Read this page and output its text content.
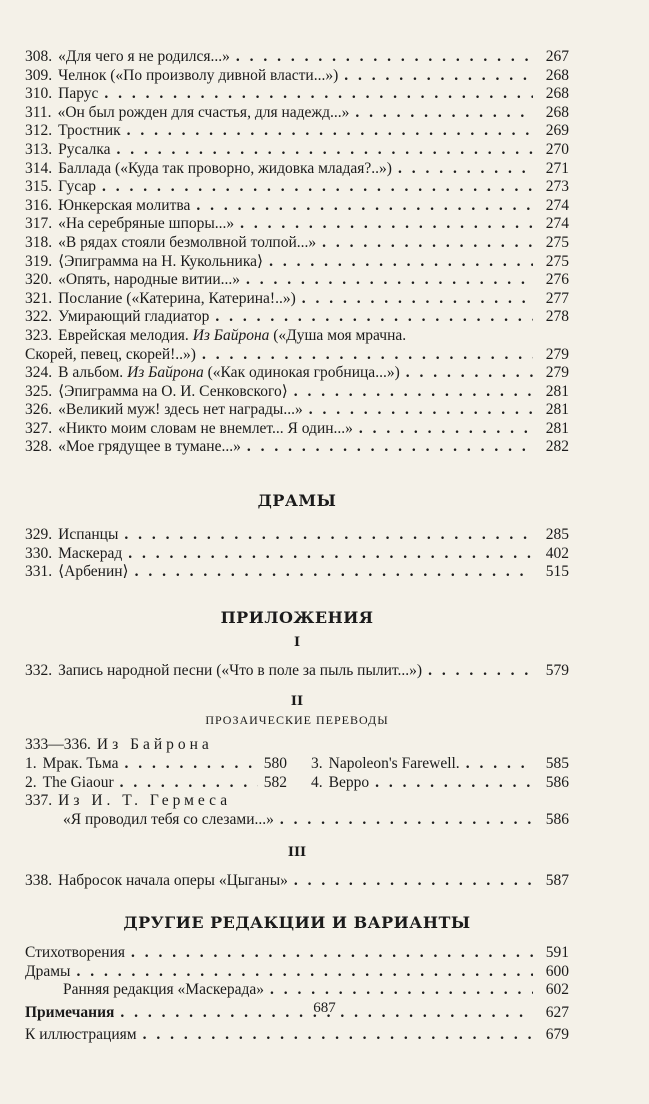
308. «Для чего я не родился...» . . .	267
309. Челнок («По произволу дивной власти...») . . .	268
310. Парус . . .	268
311. «Он был рожден для счастья, для надежд...» . . .	268
312. Тростник . . .	269
313. Русалка . . .	270
314. Баллада («Куда так проворно, жидовка младая?..») . . .	271
315. Гусар . . .	273
316. Юнкерская молитва . . .	274
317. «На серебряные шпоры...» . . .	274
318. «В рядах стояли безмолвной толпой...» . . .	275
319. ⟨Эпиграмма на Н. Кукольника⟩ . . .	275
320. «Опять, народные витии...» . . .	276
321. Послание («Катерина, Катерина!..») . . .	277
322. Умирающий гладиатор . . .	278
323. Еврейская мелодия. Из Байрона («Душа моя мрачна.
Скорей, певец, скорей!..») . . .	279
324. В альбом. Из Байрона («Как одинокая гробница...») . . .	279
325. ⟨Эпиграмма на О. И. Сенковского⟩ . . .	281
326. «Великий муж! здесь нет награды...» . . .	281
327. «Никто моим словам не внемлет... Я один...» . . .	281
328. «Мое грядущее в тумане...» . . .	282
ДРАМЫ
329. Испанцы . . .	285
330. Маскерад . . .	402
331. ⟨Арбенин⟩ . . .	515
ПРИЛОЖЕНИЯ
I
332. Запись народной песни («Что в поле за пыль пылит...») . . .	579
II
ПРОЗАИЧЕСКИЕ ПЕРЕВОДЫ
333—336. Из Байрона
1. Мрак. Тьма . . .	580 3. Napoleon's Farewell. . . .	585
2. The Giaour . . .	582 4. Beppo . . .	586
337. Из И. Т. Гермеса
«Я проводил тебя со слезами...» . . .	586
III
338. Набросок начала оперы «Цыганы» . . .	587
ДРУГИЕ РЕДАКЦИИ И ВАРИАНТЫ
Стихотворения . . .	591
Драмы . . .	600
Ранняя редакция «Маскерада» . . .	602
Примечания . . .	627
К иллюстрациям . . .	679
687
